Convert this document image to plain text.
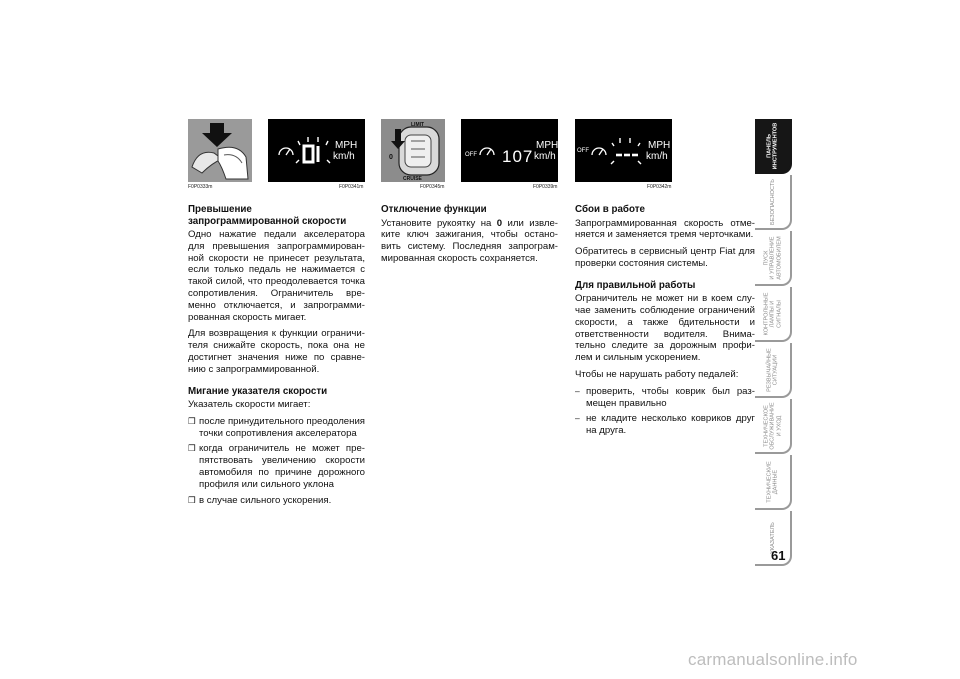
F0P0333m
MPH
km/h
F0P0341m
0
LIMIT
CRUISE
F0P0345m
OFF 107
MPH
km/h
F0P0339m
OFF	MPH
km/h
F0P0342m
Превышение
запрограммированной скорости

Одно нажатие педали акселератора для превышения запрограммированной скорости не принесет результата, если только педаль не нажимается с такой силой, что преодолевается точка сопротивления. Ограничитель временно отключается, и запрограммированная скорость мигает.

Для возвращения к функции ограничителя снижайте скорость, пока она не достигнет значения ниже по сравнению с запрограммированной.

Мигание указателя скорости

Указатель скорости мигает:

❒ после принудительного преодоления точки сопротивления акселератора
❒ когда ограничитель не может препятствовать увеличению скорости автомобиля по причине дорожного профиля или сильного уклона
❒ в случае сильного ускорения.
Отключение функции

Установите рукоятку на 0 или извлеките ключ зажигания, чтобы остановить систему. Последняя запрограммированная скорость сохраняется.

Сбои в работе

Запрограммированная скорость отменяется и заменяется тремя черточками.

Обратитесь в сервисный центр Fiat для проверки состояния системы.

Для правильной работы

Ограничитель не может ни в коем случае заменить соблюдение ограничений скорости, а также бдительности и ответственности водителя. Внимательно следите за дорожным профилем и сильным ускорением.

Чтобы не нарушать работу педалей:

– проверить, чтобы коврик был размещен правильно
– не кладите несколько ковриков друг на друга.
ПАНЕЛЬ
ИНСТРУМЕНТОВ
БЕЗОПАСНОСТЬ
ПУСК
И УПРАВЛЕНИЕ
АВТОМОБИЛЕМ
КОНТРОЛЬНЫЕ
ЛАМПЫ И
СИГНАЛЫ
РЕЗВЫЧАЙНЫЕ
СИТУАЦИИ
ТЕХНИЧЕСКОЕ
ОБСЛУЖИВАНИЕ
И УХОД
ТЕХНИЧЕСКИЕ
ДАННЫЕ
УКАЗАТЕЛЬ
61
carmanualsonline.info
